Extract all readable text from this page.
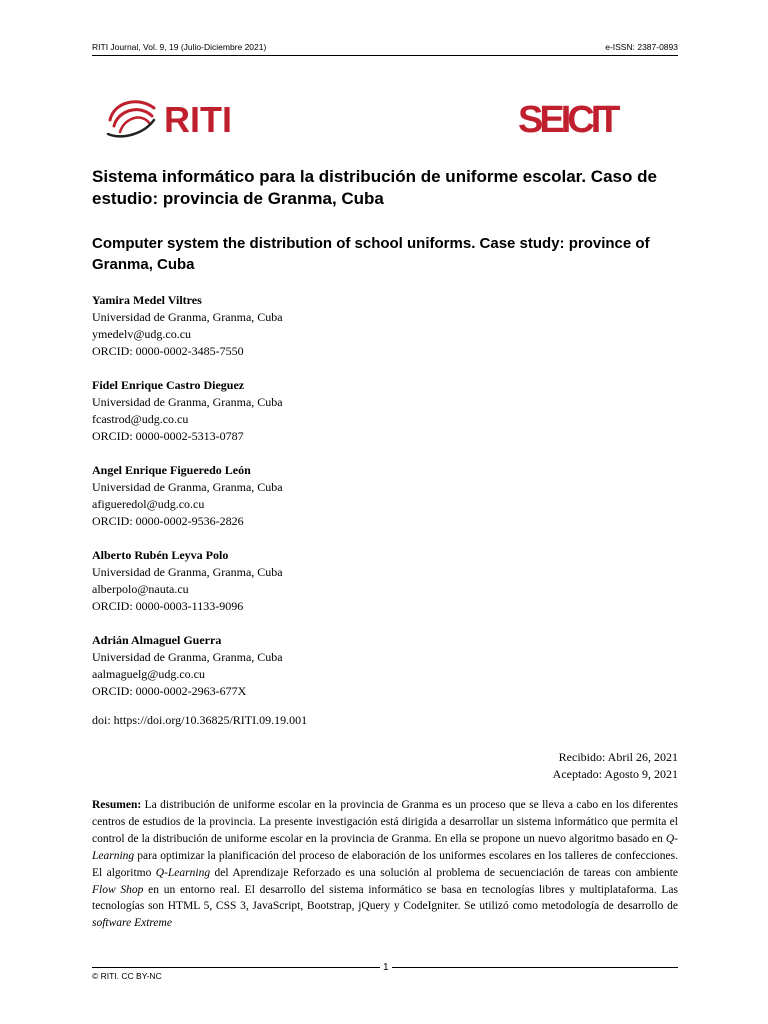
RITI Journal, Vol. 9, 19 (Julio-Diciembre 2021)	e-ISSN: 2387-0893
RITI	SEICIT
Sistema informático para la distribución de uniforme escolar. Caso de estudio: provincia de Granma, Cuba
Computer system the distribution of school uniforms. Case study: province of Granma, Cuba
Yamira Medel Viltres
Universidad de Granma, Granma, Cuba
ymedelv@udg.co.cu
ORCID: 0000-0002-3485-7550
Fidel Enrique Castro Dieguez
Universidad de Granma, Granma, Cuba
fcastrod@udg.co.cu
ORCID: 0000-0002-5313-0787
Angel Enrique Figueredo León
Universidad de Granma, Granma, Cuba
afigueredol@udg.co.cu
ORCID: 0000-0002-9536-2826
Alberto Rubén Leyva Polo
Universidad de Granma, Granma, Cuba
alberpolo@nauta.cu
ORCID: 0000-0003-1133-9096
Adrián Almaguel Guerra
Universidad de Granma, Granma, Cuba
aalmaguelg@udg.co.cu
ORCID: 0000-0002-2963-677X
doi: https://doi.org/10.36825/RITI.09.19.001
Recibido: Abril 26, 2021
Aceptado: Agosto 9, 2021

Resumen: La distribución de uniforme escolar en la provincia de Granma es un proceso que se lleva a cabo en los diferentes centros de estudios de la provincia. La presente investigación está dirigida a desarrollar un sistema informático que permita el control de la distribución de uniforme escolar en la provincia de Granma. En ella se propone un nuevo algoritmo basado en Q-Learning para optimizar la planificación del proceso de elaboración de los uniformes escolares en los talleres de confecciones. El algoritmo Q-Learning del Aprendizaje Reforzado es una solución al problema de secuenciación de tareas con ambiente Flow Shop en un entorno real. El desarrollo del sistema informático se basa en tecnologías libres y multiplataforma. Las tecnologías son HTML 5, CSS 3, JavaScript, Bootstrap, jQuery y CodeIgniter. Se utilizó como metodología de desarrollo de software Extreme

© RITI. CC BY-NC
1
